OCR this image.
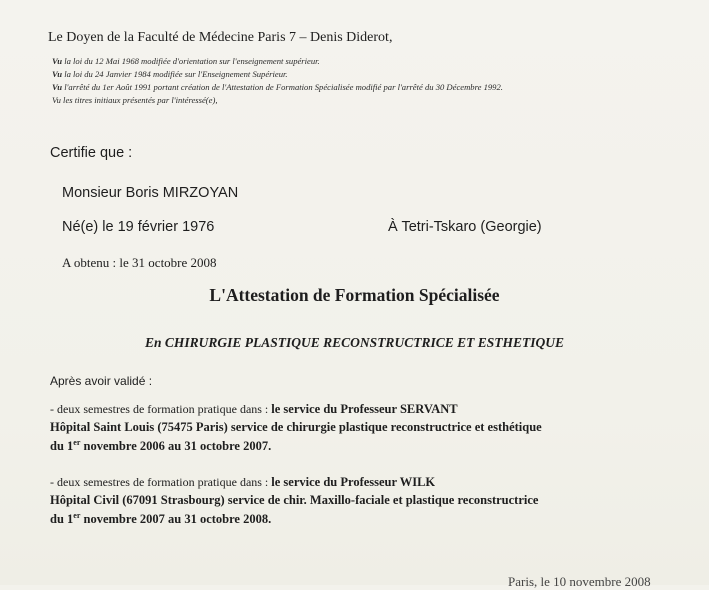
Le Doyen de la Faculté de Médecine Paris 7 – Denis Diderot,
Vu la loi du 12 Mai 1968 modifiée d'orientation sur l'enseignement supérieur.
Vu la loi du 24 Janvier 1984 modifiée sur l'Enseignement Supérieur.
Vu l'arrêté du 1er Août 1991 portant création de l'Attestation de Formation Spécialisée modifié par l'arrêté du 30 Décembre 1992.
Vu les titres initiaux présentés par l'intéressé(e),
Certifie que :
Monsieur Boris MIRZOYAN
Né(e) le 19 février 1976	À Tetri-Tskaro (Georgie)
A obtenu : le 31 octobre 2008
L'Attestation de Formation Spécialisée
En CHIRURGIE PLASTIQUE RECONSTRUCTRICE ET ESTHETIQUE
Après avoir validé :
- deux semestres de formation pratique dans : le service du Professeur SERVANT
Hôpital Saint Louis (75475 Paris) service de chirurgie plastique reconstructrice et esthétique
du 1er novembre 2006 au 31 octobre 2007.
- deux semestres de formation pratique dans : le service du Professeur WILK
Hôpital Civil (67091 Strasbourg) service de chir. Maxillo-faciale et plastique reconstructrice
du 1er novembre 2007 au 31 octobre 2008.
Paris, le 10 novembre 2008
